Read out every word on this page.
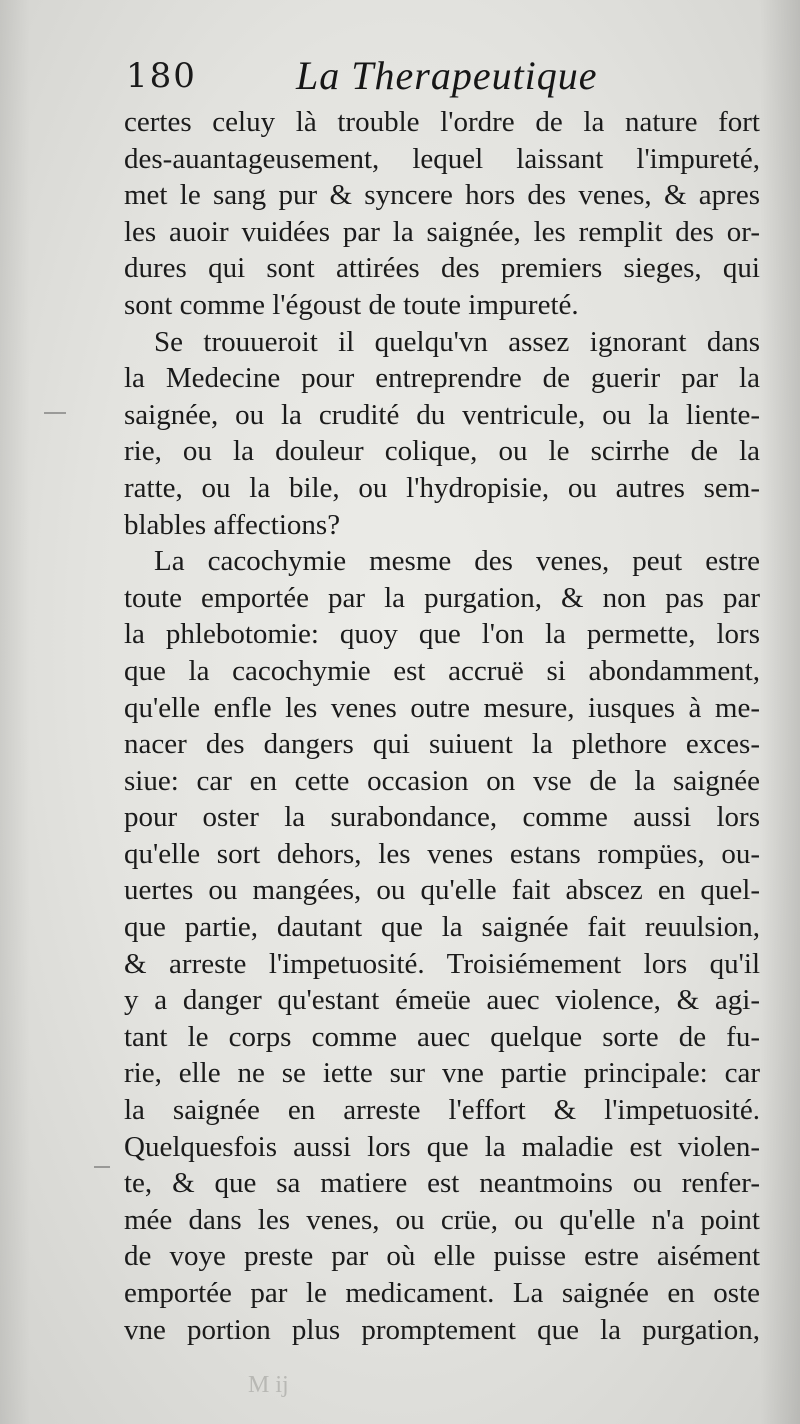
180 La Therapeutique
certes celuy là trouble l'ordre de la nature fort
des-auantageusement, lequel laissant l'impureté,
met le sang pur & syncere hors des venes, & apres
les auoir vuidées par la saignée, les remplit des or-
dures qui sont attirées des premiers sieges, qui
sont comme l'égoust de toute impureté.
Se trouueroit il quelqu'vn assez ignorant dans
la Medecine pour entreprendre de guerir par la
saignée, ou la crudité du ventricule, ou la liente-
rie, ou la douleur colique, ou le scirrhe de la
ratte, ou la bile, ou l'hydropisie, ou autres sem-
blables affections?
La cacochymie mesme des venes, peut estre
toute emportée par la purgation, & non pas par
la phlebotomie: quoy que l'on la permette, lors
que la cacochymie est accruë si abondamment,
qu'elle enfle les venes outre mesure, iusques à me-
nacer des dangers qui suiuent la plethore exces-
siue: car en cette occasion on vse de la saignée
pour oster la surabondance, comme aussi lors
qu'elle sort dehors, les venes estans rompües, ou-
uertes ou mangées, ou qu'elle fait abscez en quel-
que partie, dautant que la saignée fait reuulsion,
& arreste l'impetuosité. Troisiémement lors qu'il
y a danger qu'estant émeüe auec violence, & agi-
tant le corps comme auec quelque sorte de fu-
rie, elle ne se iette sur vne partie principale: car
la saignée en arreste l'effort & l'impetuosité.
Quelquesfois aussi lors que la maladie est violen-
te, & que sa matiere est neantmoins ou renfer-
mée dans les venes, ou crüe, ou qu'elle n'a point
de voye preste par où elle puisse estre aisément
emportée par le medicament. La saignée en oste
vne portion plus promptement que la purgation,
M ij
